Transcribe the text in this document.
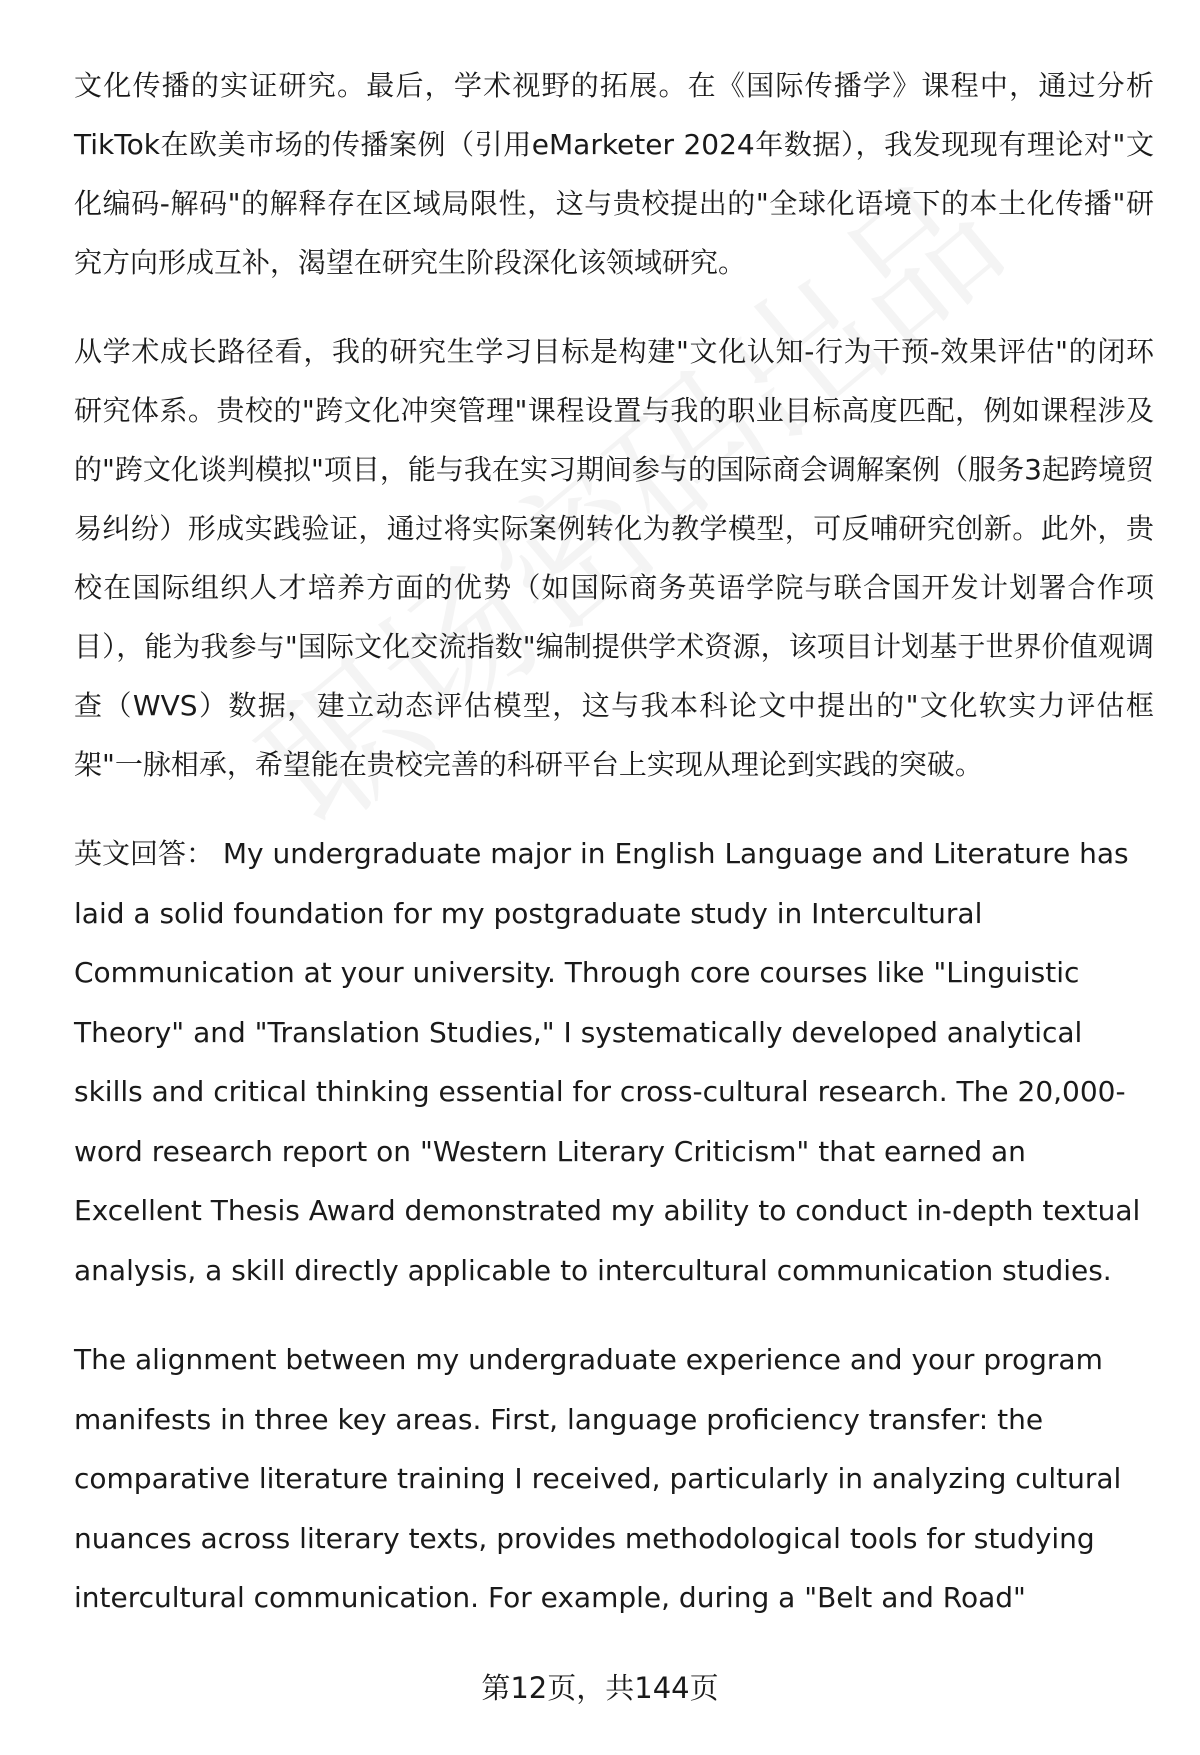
文化传播的实证研究。最后，学术视野的拓展。在《国际传播学》课程中，通过分析TikTok在欧美市场的传播案例（引用eMarketer 2024年数据），我发现现有理论对"文化编码-解码"的解释存在区域局限性，这与贵校提出的"全球化语境下的本土化传播"研究方向形成互补，渴望在研究生阶段深化该领域研究。

从学术成长路径看，我的研究生学习目标是构建"文化认知-行为干预-效果评估"的闭环研究体系。贵校的"跨文化冲突管理"课程设置与我的职业目标高度匹配，例如课程涉及的"跨文化谈判模拟"项目，能与我在实习期间参与的国际商会调解案例（服务3起跨境贸易纠纷）形成实践验证，通过将实际案例转化为教学模型，可反哺研究创新。此外，贵校在国际组织人才培养方面的优势（如国际商务英语学院与联合国开发计划署合作项目），能为我参与"国际文化交流指数"编制提供学术资源，该项目计划基于世界价值观调查（WVS）数据，建立动态评估模型，这与我本科论文中提出的"文化软实力评估框架"一脉相承，希望能在贵校完善的科研平台上实现从理论到实践的突破。

英文回答： My undergraduate major in English Language and Literature has laid a solid foundation for my postgraduate study in Intercultural Communication at your university. Through core courses like "Linguistic Theory" and "Translation Studies," I systematically developed analytical skills and critical thinking essential for cross-cultural research. The 20,000-word research report on "Western Literary Criticism" that earned an Excellent Thesis Award demonstrated my ability to conduct in-depth textual analysis, a skill directly applicable to intercultural communication studies.

The alignment between my undergraduate experience and your program manifests in three key areas. First, language proficiency transfer: the comparative literature training I received, particularly in analyzing cultural nuances across literary texts, provides methodological tools for studying intercultural communication. For example, during a "Belt and Road"

第12页，共144页
